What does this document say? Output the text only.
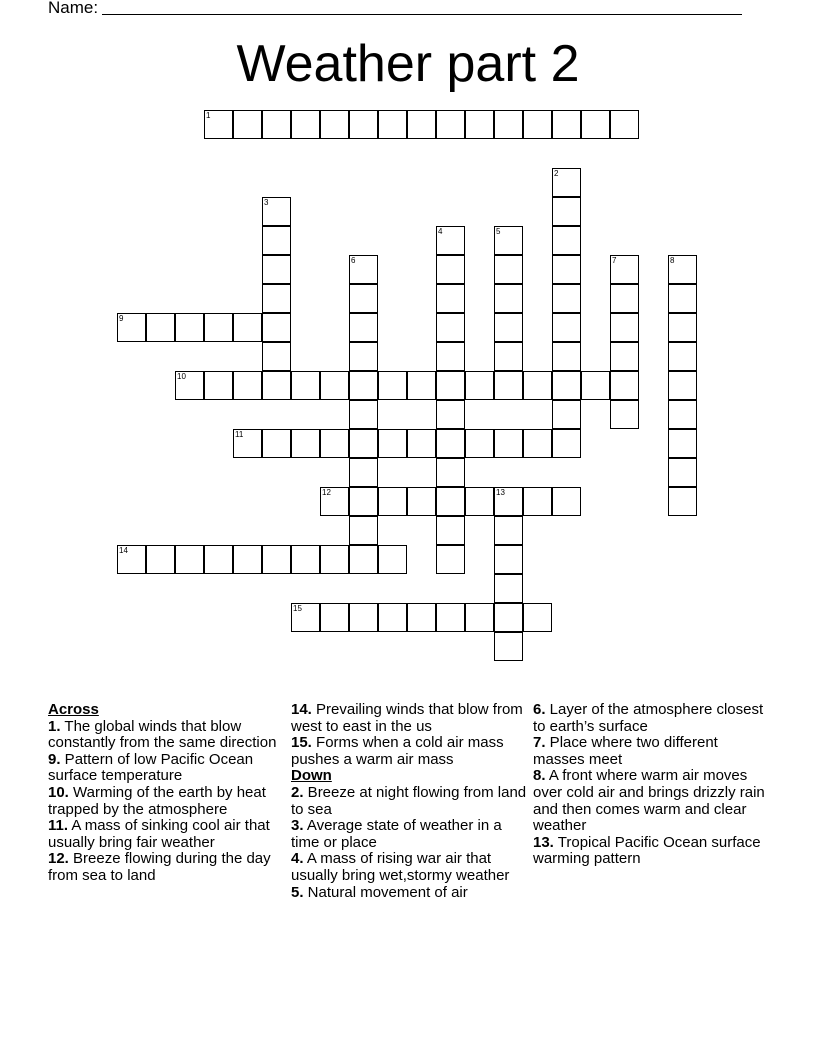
Name:
Weather part 2
1
2
3
4	5
6	7	8
9
10
11
12	13
14
15

Across

1. The global winds that blow constantly from the same direction

9. Pattern of low Pacific Ocean surface temperature

10. Warming of the earth by heat trapped by the atmosphere

11. A mass of sinking cool air that usually bring fair weather

12. Breeze flowing during the day from sea to land

14. Prevailing winds that blow from west to east in the us

15. Forms when a cold air mass pushes a warm air mass

Down

2. Breeze at night flowing from land to sea

3. Average state of weather in a time or place

4. A mass of rising war air that usually bring wet,stormy weather

5. Natural movement of air

6. Layer of the atmosphere closest to earth’s surface

7. Place where two different masses meet

8. A front where warm air moves over cold air and brings drizzly rain and then comes warm and clear weather

13. Tropical Pacific Ocean surface warming pattern
